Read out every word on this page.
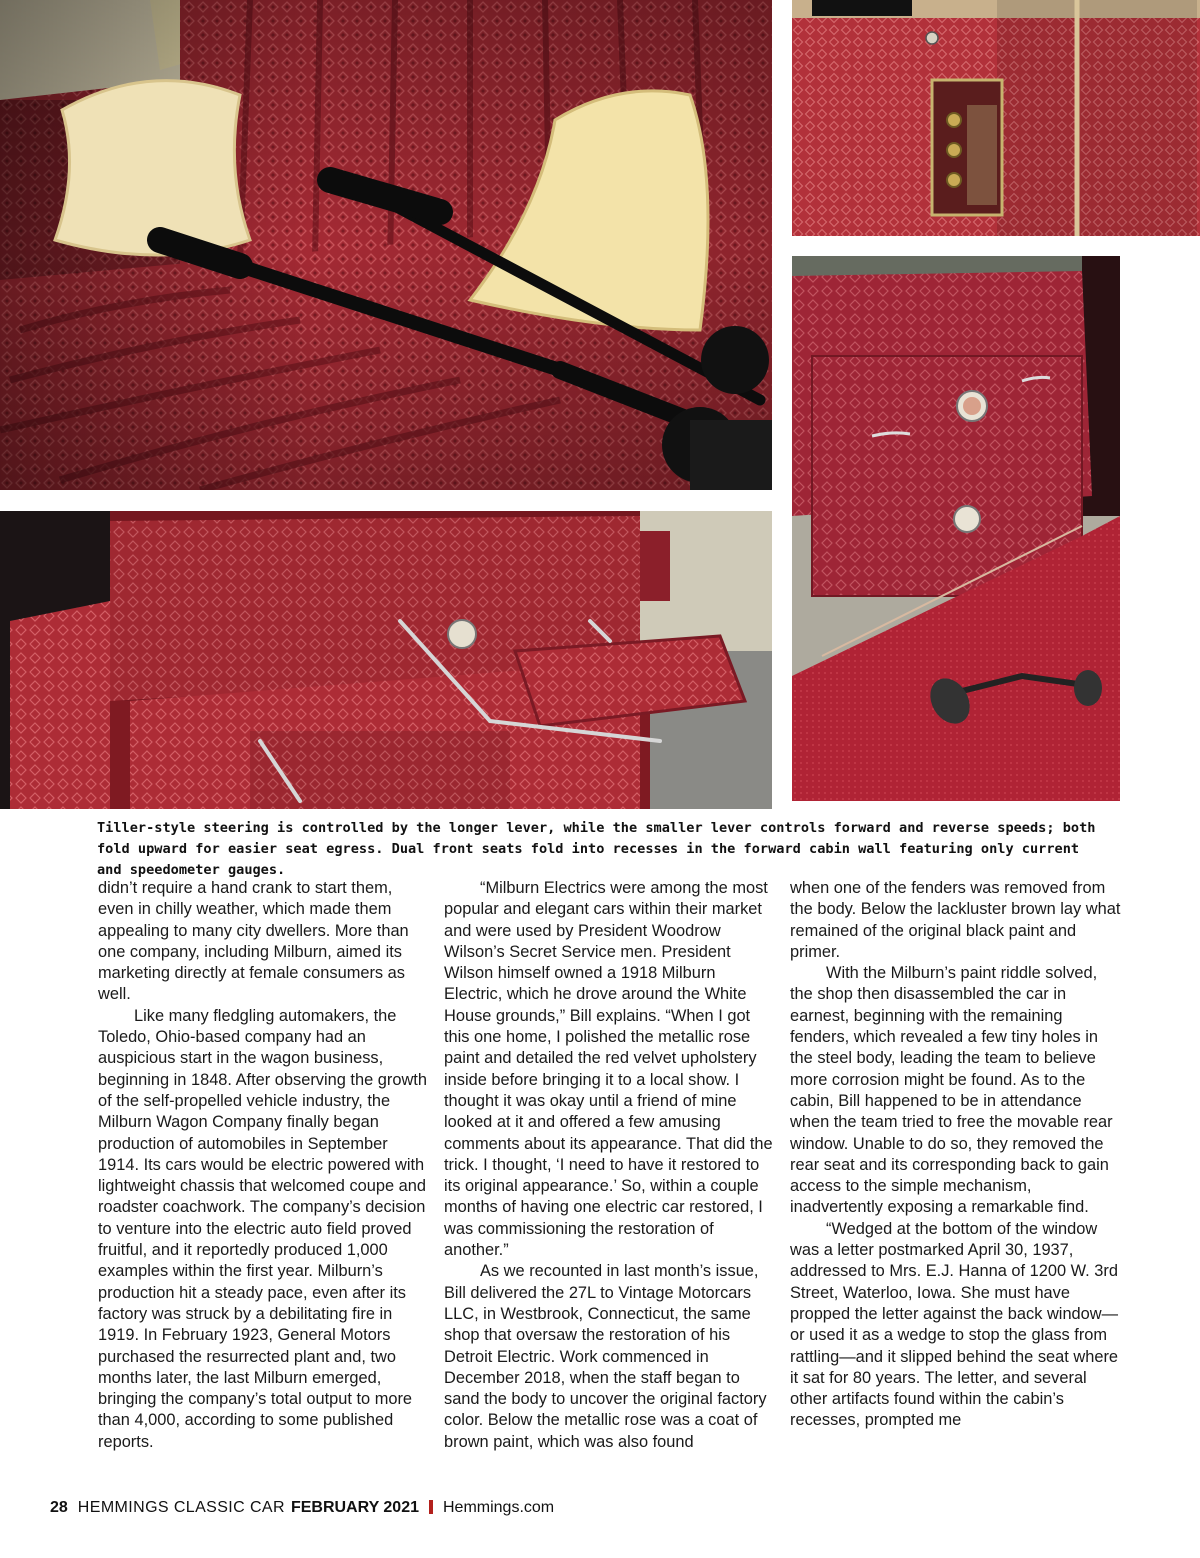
Tiller-style steering is controlled by the longer lever, while the smaller lever controls forward and reverse speeds; both fold upward for easier seat egress. Dual front seats fold into recesses in the forward cabin wall featuring only current and speedometer gauges.

didn’t require a hand crank to start them, even in chilly weather, which made them appealing to many city dwellers. More than one company, including Milburn, aimed its marketing directly at female consumers as well.

Like many fledgling automakers, the Toledo, Ohio-based company had an auspicious start in the wagon business, beginning in 1848. After observing the growth of the self-propelled vehicle industry, the Milburn Wagon Company finally began production of automobiles in September 1914. Its cars would be electric powered with lightweight chassis that welcomed coupe and roadster coachwork. The company’s decision to venture into the electric auto field proved fruitful, and it reportedly produced 1,000 examples within the first year. Milburn’s production hit a steady pace, even after its factory was struck by a debilitating fire in 1919. In February 1923, General Motors purchased the resurrected plant and, two months later, the last Milburn emerged, bringing the company’s total output to more than 4,000, according to some published reports.

“Milburn Electrics were among the most popular and elegant cars within their market and were used by President Woodrow Wilson’s Secret Service men. President Wilson himself owned a 1918 Milburn Electric, which he drove around the White House grounds,” Bill explains. “When I got this one home, I polished the metallic rose paint and detailed the red velvet upholstery inside before bringing it to a local show. I thought it was okay until a friend of mine looked at it and offered a few amusing comments about its appearance. That did the trick. I thought, ‘I need to have it restored to its original appearance.’ So, within a couple months of having one electric car restored, I was commissioning the restoration of another.”

As we recounted in last month’s issue, Bill delivered the 27L to Vintage Motorcars LLC, in Westbrook, Connecticut, the same shop that oversaw the restoration of his Detroit Electric. Work commenced in December 2018, when the staff began to sand the body to uncover the original factory color. Below the metallic rose was a coat of brown paint, which was also found

when one of the fenders was removed from the body. Below the lackluster brown lay what remained of the original black paint and primer.

With the Milburn’s paint riddle solved, the shop then disassembled the car in earnest, beginning with the remaining fenders, which revealed a few tiny holes in the steel body, leading the team to believe more corrosion might be found. As to the cabin, Bill happened to be in attendance when the team tried to free the movable rear window. Unable to do so, they removed the rear seat and its corresponding back to gain access to the simple mechanism, inadvertently exposing a remarkable find.

“Wedged at the bottom of the window was a letter postmarked April 30, 1937, addressed to Mrs. E.J. Hanna of 1200 W. 3rd Street, Waterloo, Iowa. She must have propped the letter against the back window—or used it as a wedge to stop the glass from rattling—and it slipped behind the seat where it sat for 80 years. The letter, and several other artifacts found within the cabin’s recesses, prompted me

28 HEMMINGS CLASSIC CAR FEBRUARY 2021 Hemmings.com
